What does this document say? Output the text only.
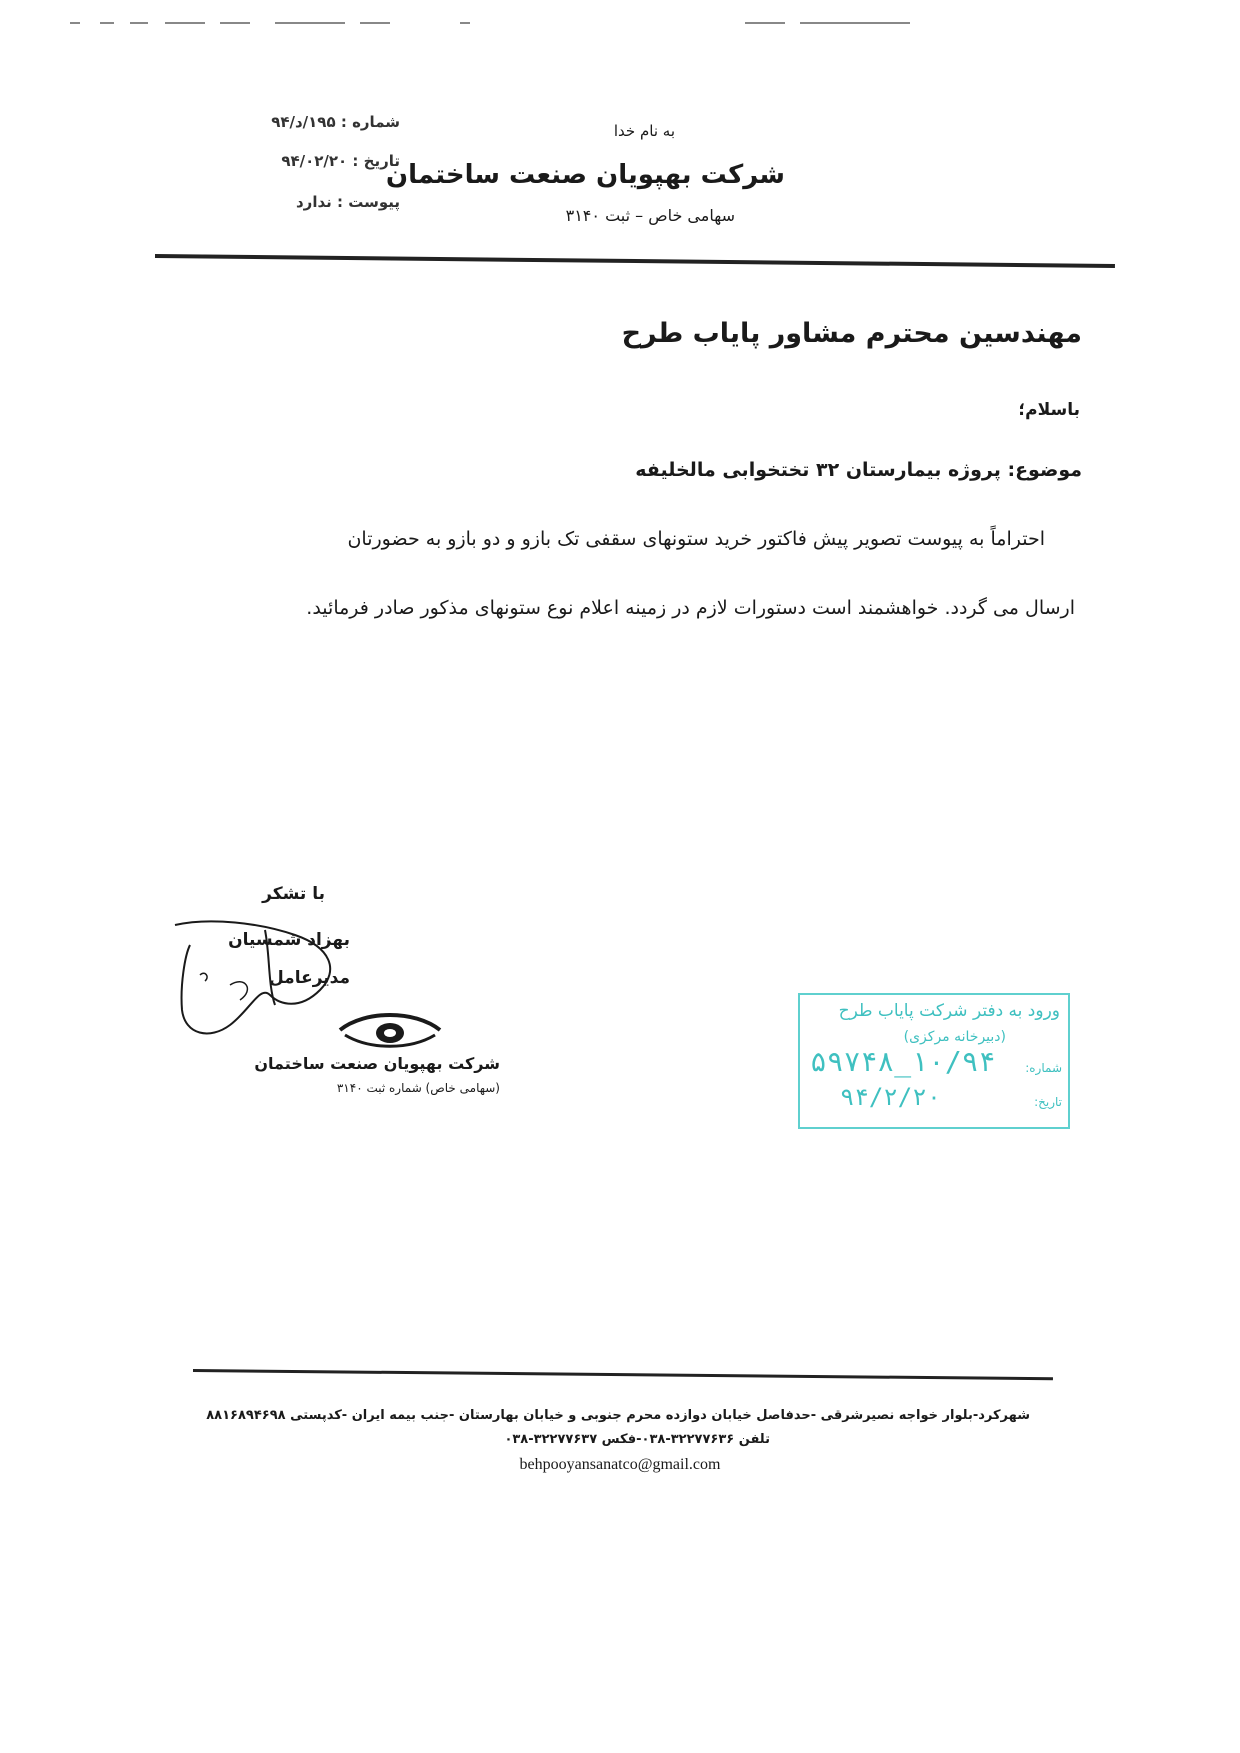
به نام خدا
شرکت بهپویان صنعت ساختمان
سهامی خاص – ثبت ۳۱۴۰
شماره : ۱۹۵/د/۹۴
تاریخ : ۹۴/۰۲/۲۰
پیوست : ندارد
مهندسین محترم مشاور پایاب طرح
باسلام؛
موضوع: پروژه بیمارستان ۳۲ تختخوابی مالخلیفه
احتراماً به پیوست تصویر پیش فاکتور خرید ستونهای سقفی تک بازو و دو بازو به حضورتان
ارسال می گردد. خواهشمند است دستورات لازم در زمینه اعلام نوع ستونهای مذکور صادر فرمائید.
با تشکر
بهزاد شمسیان
مدیرعامل
شرکت بهپویان صنعت ساختمان
(سهامی خاص) شماره ثبت ۳۱۴۰
ورود به دفتر شرکت پایاب طرح
(دبیرخانه مرکزی)
شماره:
۱۰/۹۴_۵۹۷۴۸
تاریخ:
۹۴/۲/۲۰
شهرکرد-بلوار خواجه نصیرشرقی -حدفاصل خیابان دوازده محرم جنوبی و خیابان بهارستان -جنب بیمه ایران -کدپستی ۸۸۱۶۸۹۴۶۹۸
تلفن ۳۲۲۷۷۶۳۶-۰۳۸-فکس ۳۲۲۷۷۶۳۷-۰۳۸
behpooyansanatco@gmail.com
